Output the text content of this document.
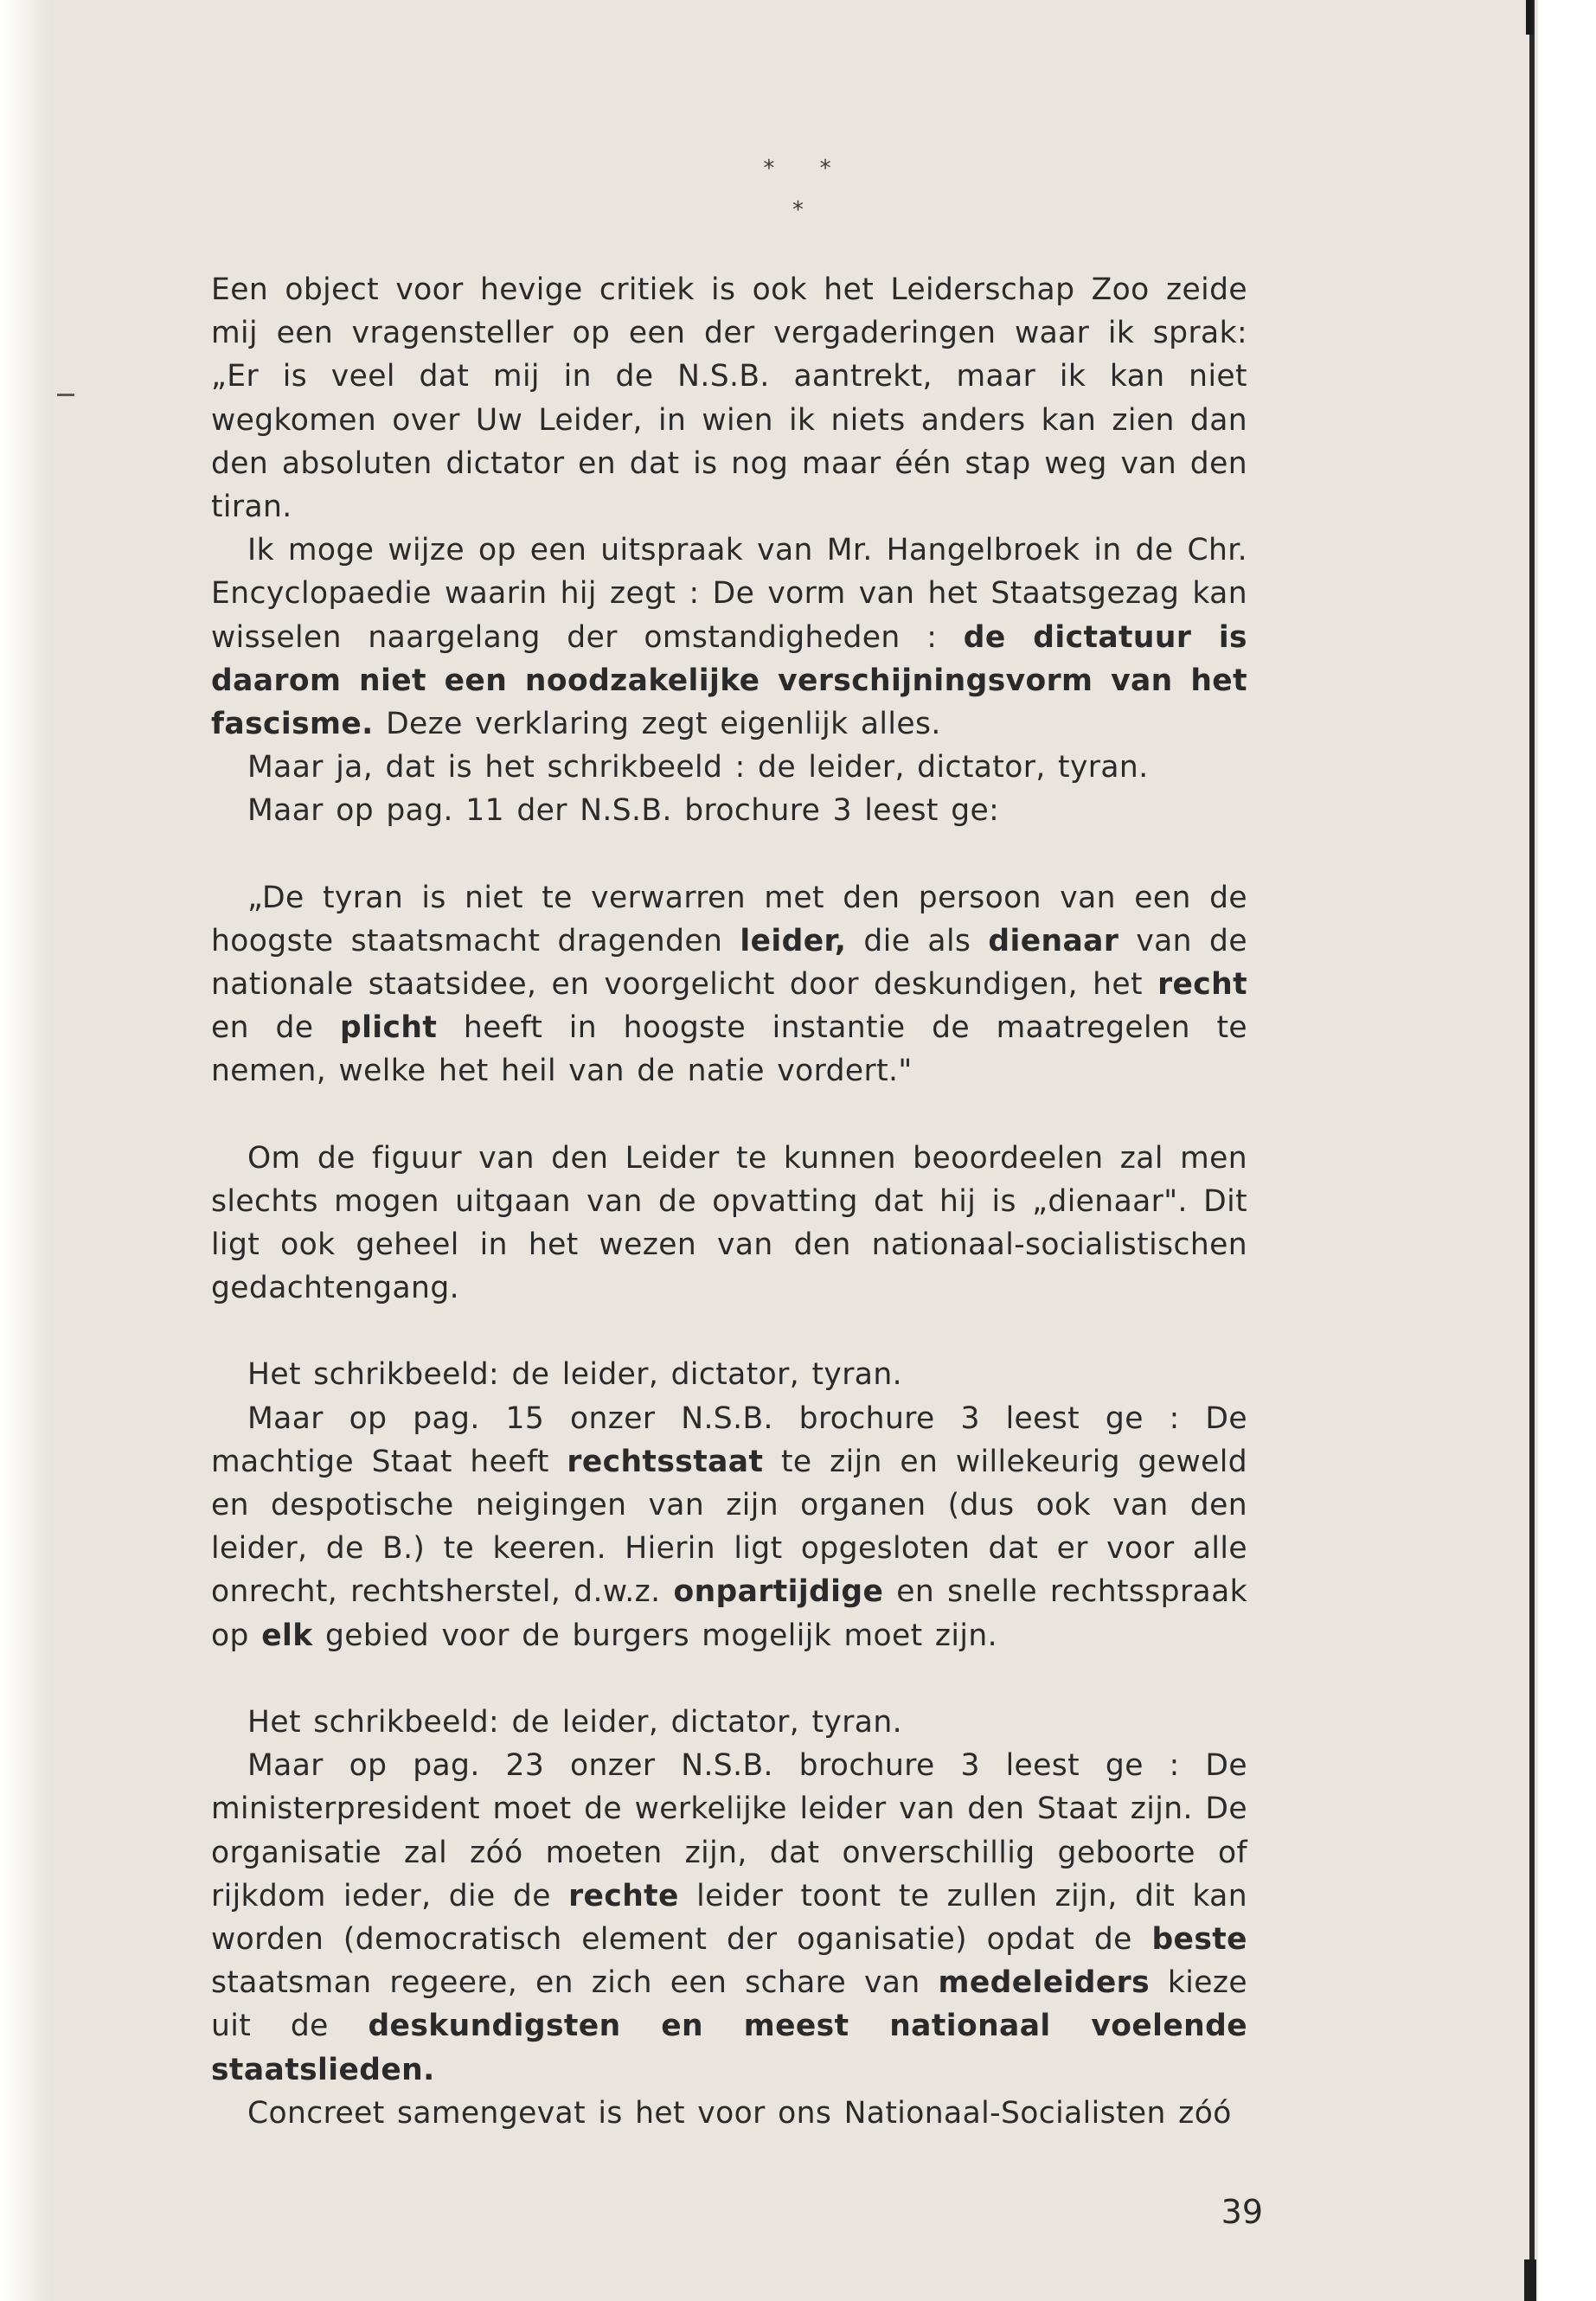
* *
*

Een object voor hevige critiek is ook het Leiderschap Zoo zeide mij een vragensteller op een der vergaderingen waar ik sprak: „Er is veel dat mij in de N.S.B. aantrekt, maar ik kan niet wegkomen over Uw Leider, in wien ik niets anders kan zien dan den absoluten dictator en dat is nog maar één stap weg van den tiran.

Ik moge wijze op een uitspraak van Mr. Hangelbroek in de Chr. Encyclopaedie waarin hij zegt : De vorm van het Staatsgezag kan wisselen naargelang der omstandigheden : de dictatuur is daarom niet een noodzakelijke verschijningsvorm van het fascisme. Deze verklaring zegt eigenlijk alles.

Maar ja, dat is het schrikbeeld : de leider, dictator, tyran.

Maar op pag. 11 der N.S.B. brochure 3 leest ge:

„De tyran is niet te verwarren met den persoon van een de hoogste staatsmacht dragenden leider, die als dienaar van de nationale staatsidee, en voorgelicht door deskundigen, het recht en de plicht heeft in hoogste instantie de maatregelen te nemen, welke het heil van de natie vordert."

Om de figuur van den Leider te kunnen beoordeelen zal men slechts mogen uitgaan van de opvatting dat hij is „dienaar". Dit ligt ook geheel in het wezen van den nationaal-socialistischen gedachtengang.

Het schrikbeeld: de leider, dictator, tyran.

Maar op pag. 15 onzer N.S.B. brochure 3 leest ge : De machtige Staat heeft rechtsstaat te zijn en willekeurig geweld en despotische neigingen van zijn organen (dus ook van den leider, de B.) te keeren. Hierin ligt opgesloten dat er voor alle onrecht, rechtsherstel, d.w.z. onpartijdige en snelle rechtsspraak op elk gebied voor de burgers mogelijk moet zijn.

Het schrikbeeld: de leider, dictator, tyran.

Maar op pag. 23 onzer N.S.B. brochure 3 leest ge : De ministerpresident moet de werkelijke leider van den Staat zijn. De organisatie zal zóó moeten zijn, dat onverschillig geboorte of rijkdom ieder, die de rechte leider toont te zullen zijn, dit kan worden (democratisch element der oganisatie) opdat de beste staatsman regeere, en zich een schare van medeleiders kieze uit de deskundigsten en meest nationaal voelende staatslieden.

Concreet samengevat is het voor ons Nationaal-Socialisten zóó

39
